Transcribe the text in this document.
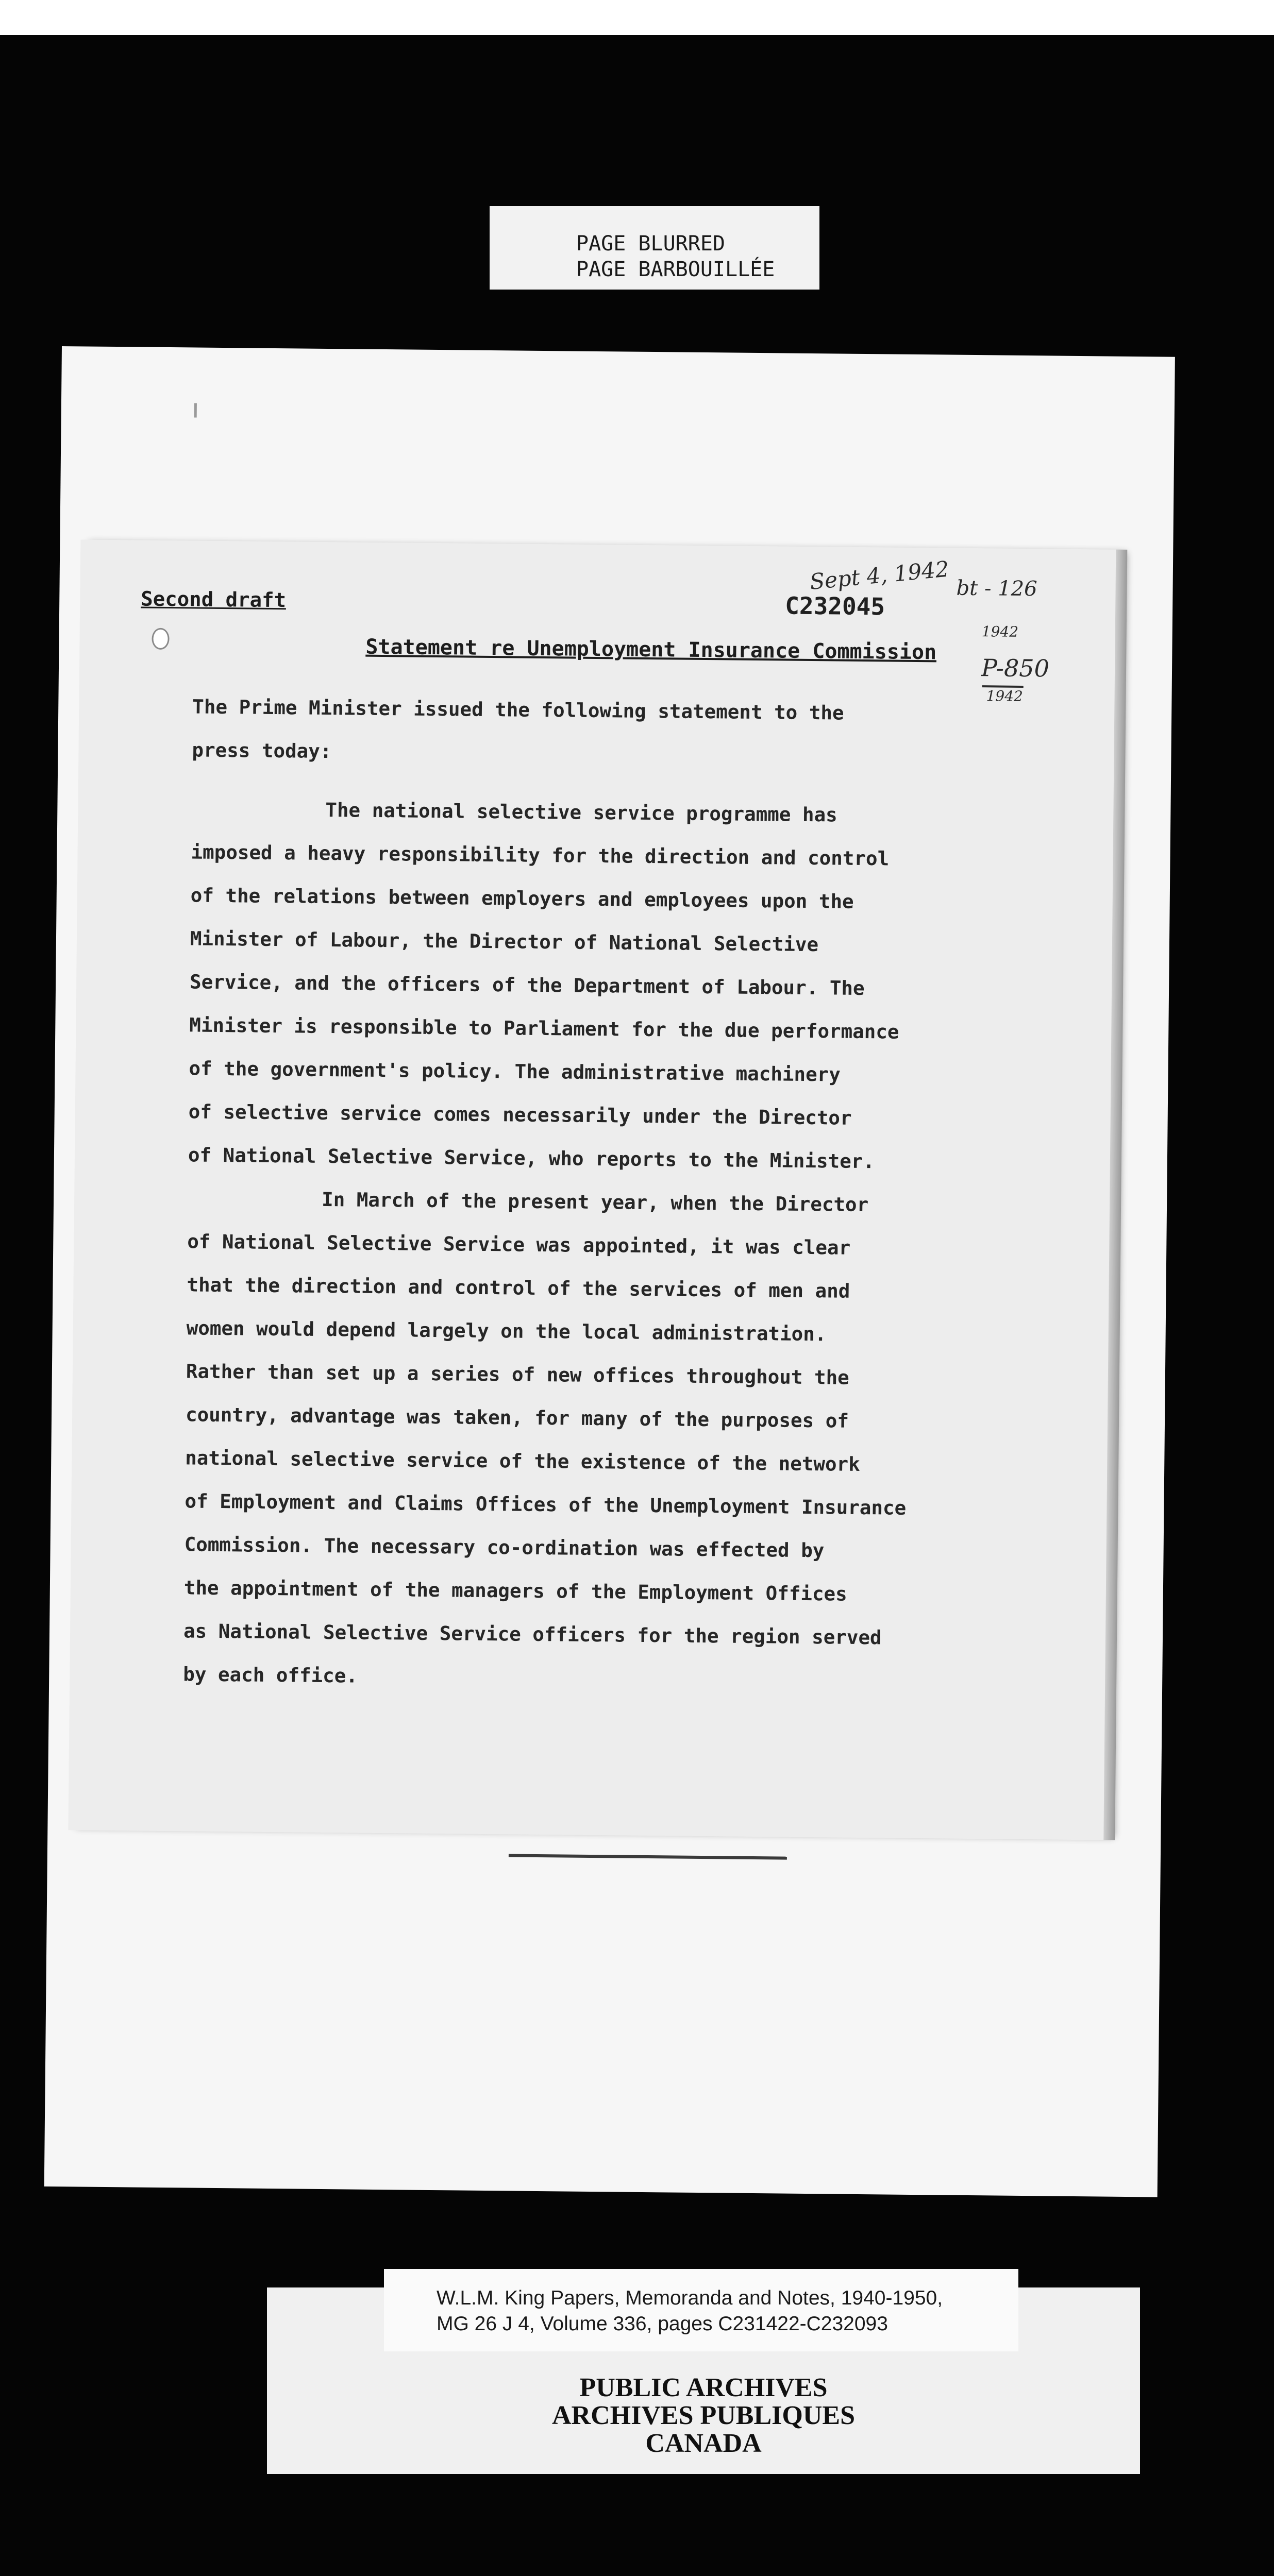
PAGE BLURRED
PAGE BARBOUILLÉE
Second draft
Sept 4, 1942
C232045
bt - 126
1942
P-850
1942
Statement re Unemployment Insurance Commission
The Prime Minister issued the following statement to the
press today:
The national selective service programme has
imposed a heavy responsibility for the direction and control
of the relations between employers and employees upon the
Minister of Labour, the Director of National Selective
Service, and the officers of the Department of Labour. The
Minister is responsible to Parliament for the due performance
of the government's policy. The administrative machinery
of selective service comes necessarily under the Director
of National Selective Service, who reports to the Minister.
In March of the present year, when the Director
of National Selective Service was appointed, it was clear
that the direction and control of the services of men and
women would depend largely on the local administration.
Rather than set up a series of new offices throughout the
country, advantage was taken, for many of the purposes of
national selective service of the existence of the network
of Employment and Claims Offices of the Unemployment Insurance
Commission. The necessary co-ordination was effected by
the appointment of the managers of the Employment Offices
as National Selective Service officers for the region served
by each office.
W.L.M. King Papers, Memoranda and Notes, 1940-1950,
MG 26 J 4, Volume 336, pages C231422-C232093
PUBLIC ARCHIVES
ARCHIVES PUBLIQUES
CANADA
